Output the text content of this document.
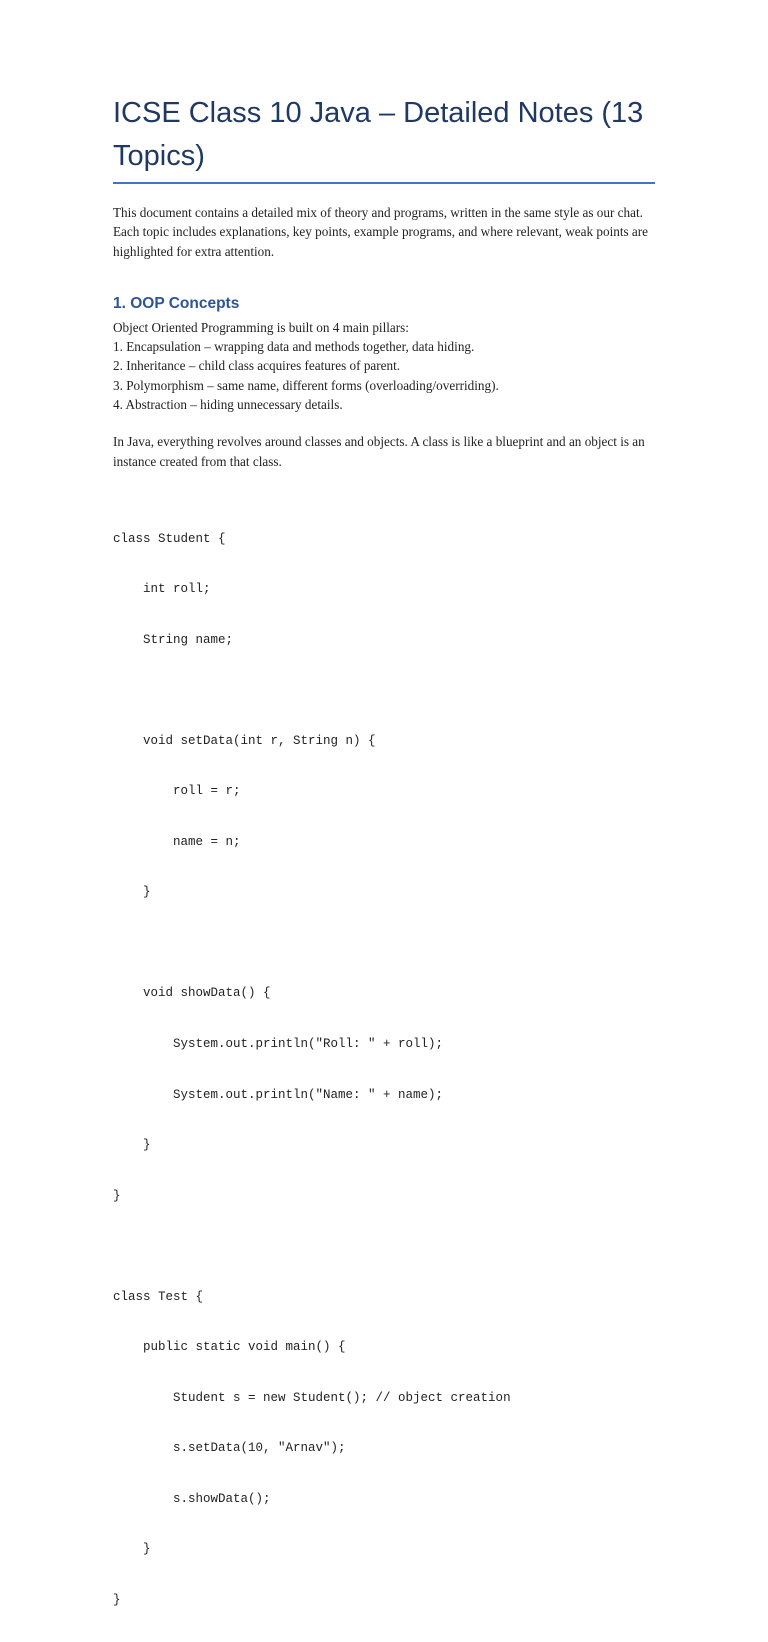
ICSE Class 10 Java – Detailed Notes (13 Topics)

This document contains a detailed mix of theory and programs, written in the same style as our chat. Each topic includes explanations, key points, example programs, and where relevant, weak points are highlighted for extra attention.

1. OOP Concepts
Object Oriented Programming is built on 4 main pillars:
1. Encapsulation – wrapping data and methods together, data hiding.
2. Inheritance – child class acquires features of parent.
3. Polymorphism – same name, different forms (overloading/overriding).
4. Abstraction – hiding unnecessary details.

In Java, everything revolves around classes and objects. A class is like a blueprint and an object is an instance created from that class.

class Student {

int roll;

String name;

void setData(int r, String n) {

roll = r;

name = n;

}

void showData() {

System.out.println("Roll: " + roll);

System.out.println("Name: " + name);

}

}

class Test {

public static void main() {

Student s = new Student(); // object creation

s.setData(10, "Arnav");

s.showData();

}

}
